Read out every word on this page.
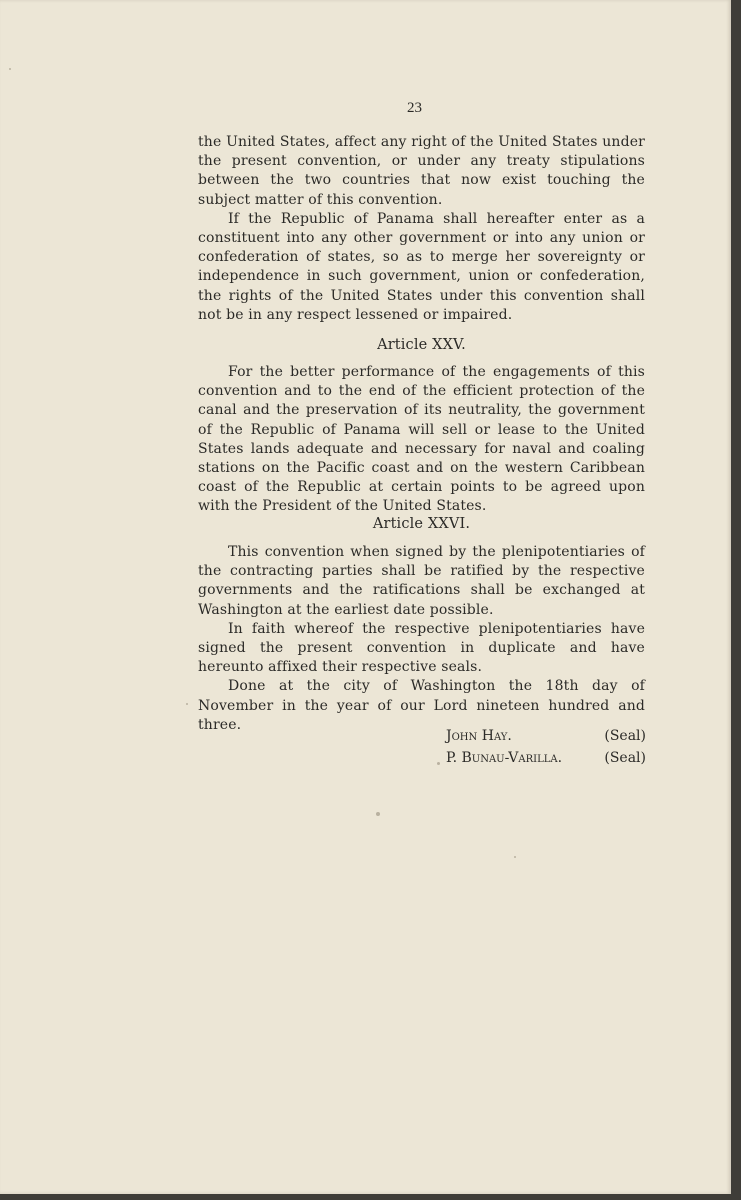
23

the United States, affect any right of the United States under the present convention, or under any treaty stipulations between the two countries that now exist touching the subject matter of this convention.

If the Republic of Panama shall hereafter enter as a constituent into any other government or into any union or confederation of states, so as to merge her sovereignty or independence in such government, union or confederation, the rights of the United States under this convention shall not be in any respect lessened or impaired.

Article XXV.

For the better performance of the engagements of this convention and to the end of the efficient protection of the canal and the preservation of its neutrality, the government of the Republic of Panama will sell or lease to the United States lands adequate and necessary for naval and coaling stations on the Pacific coast and on the western Caribbean coast of the Republic at certain points to be agreed upon with the President of the United States.

Article XXVI.

This convention when signed by the plenipotentiaries of the contracting parties shall be ratified by the respective governments and the ratifications shall be exchanged at Washington at the earliest date possible.

In faith whereof the respective plenipotentiaries have signed the present convention in duplicate and have hereunto affixed their respective seals.

Done at the city of Washington the 18th day of November in the year of our Lord nineteen hundred and three.

John Hay.	(Seal)
P. Bunau-Varilla.	(Seal)
